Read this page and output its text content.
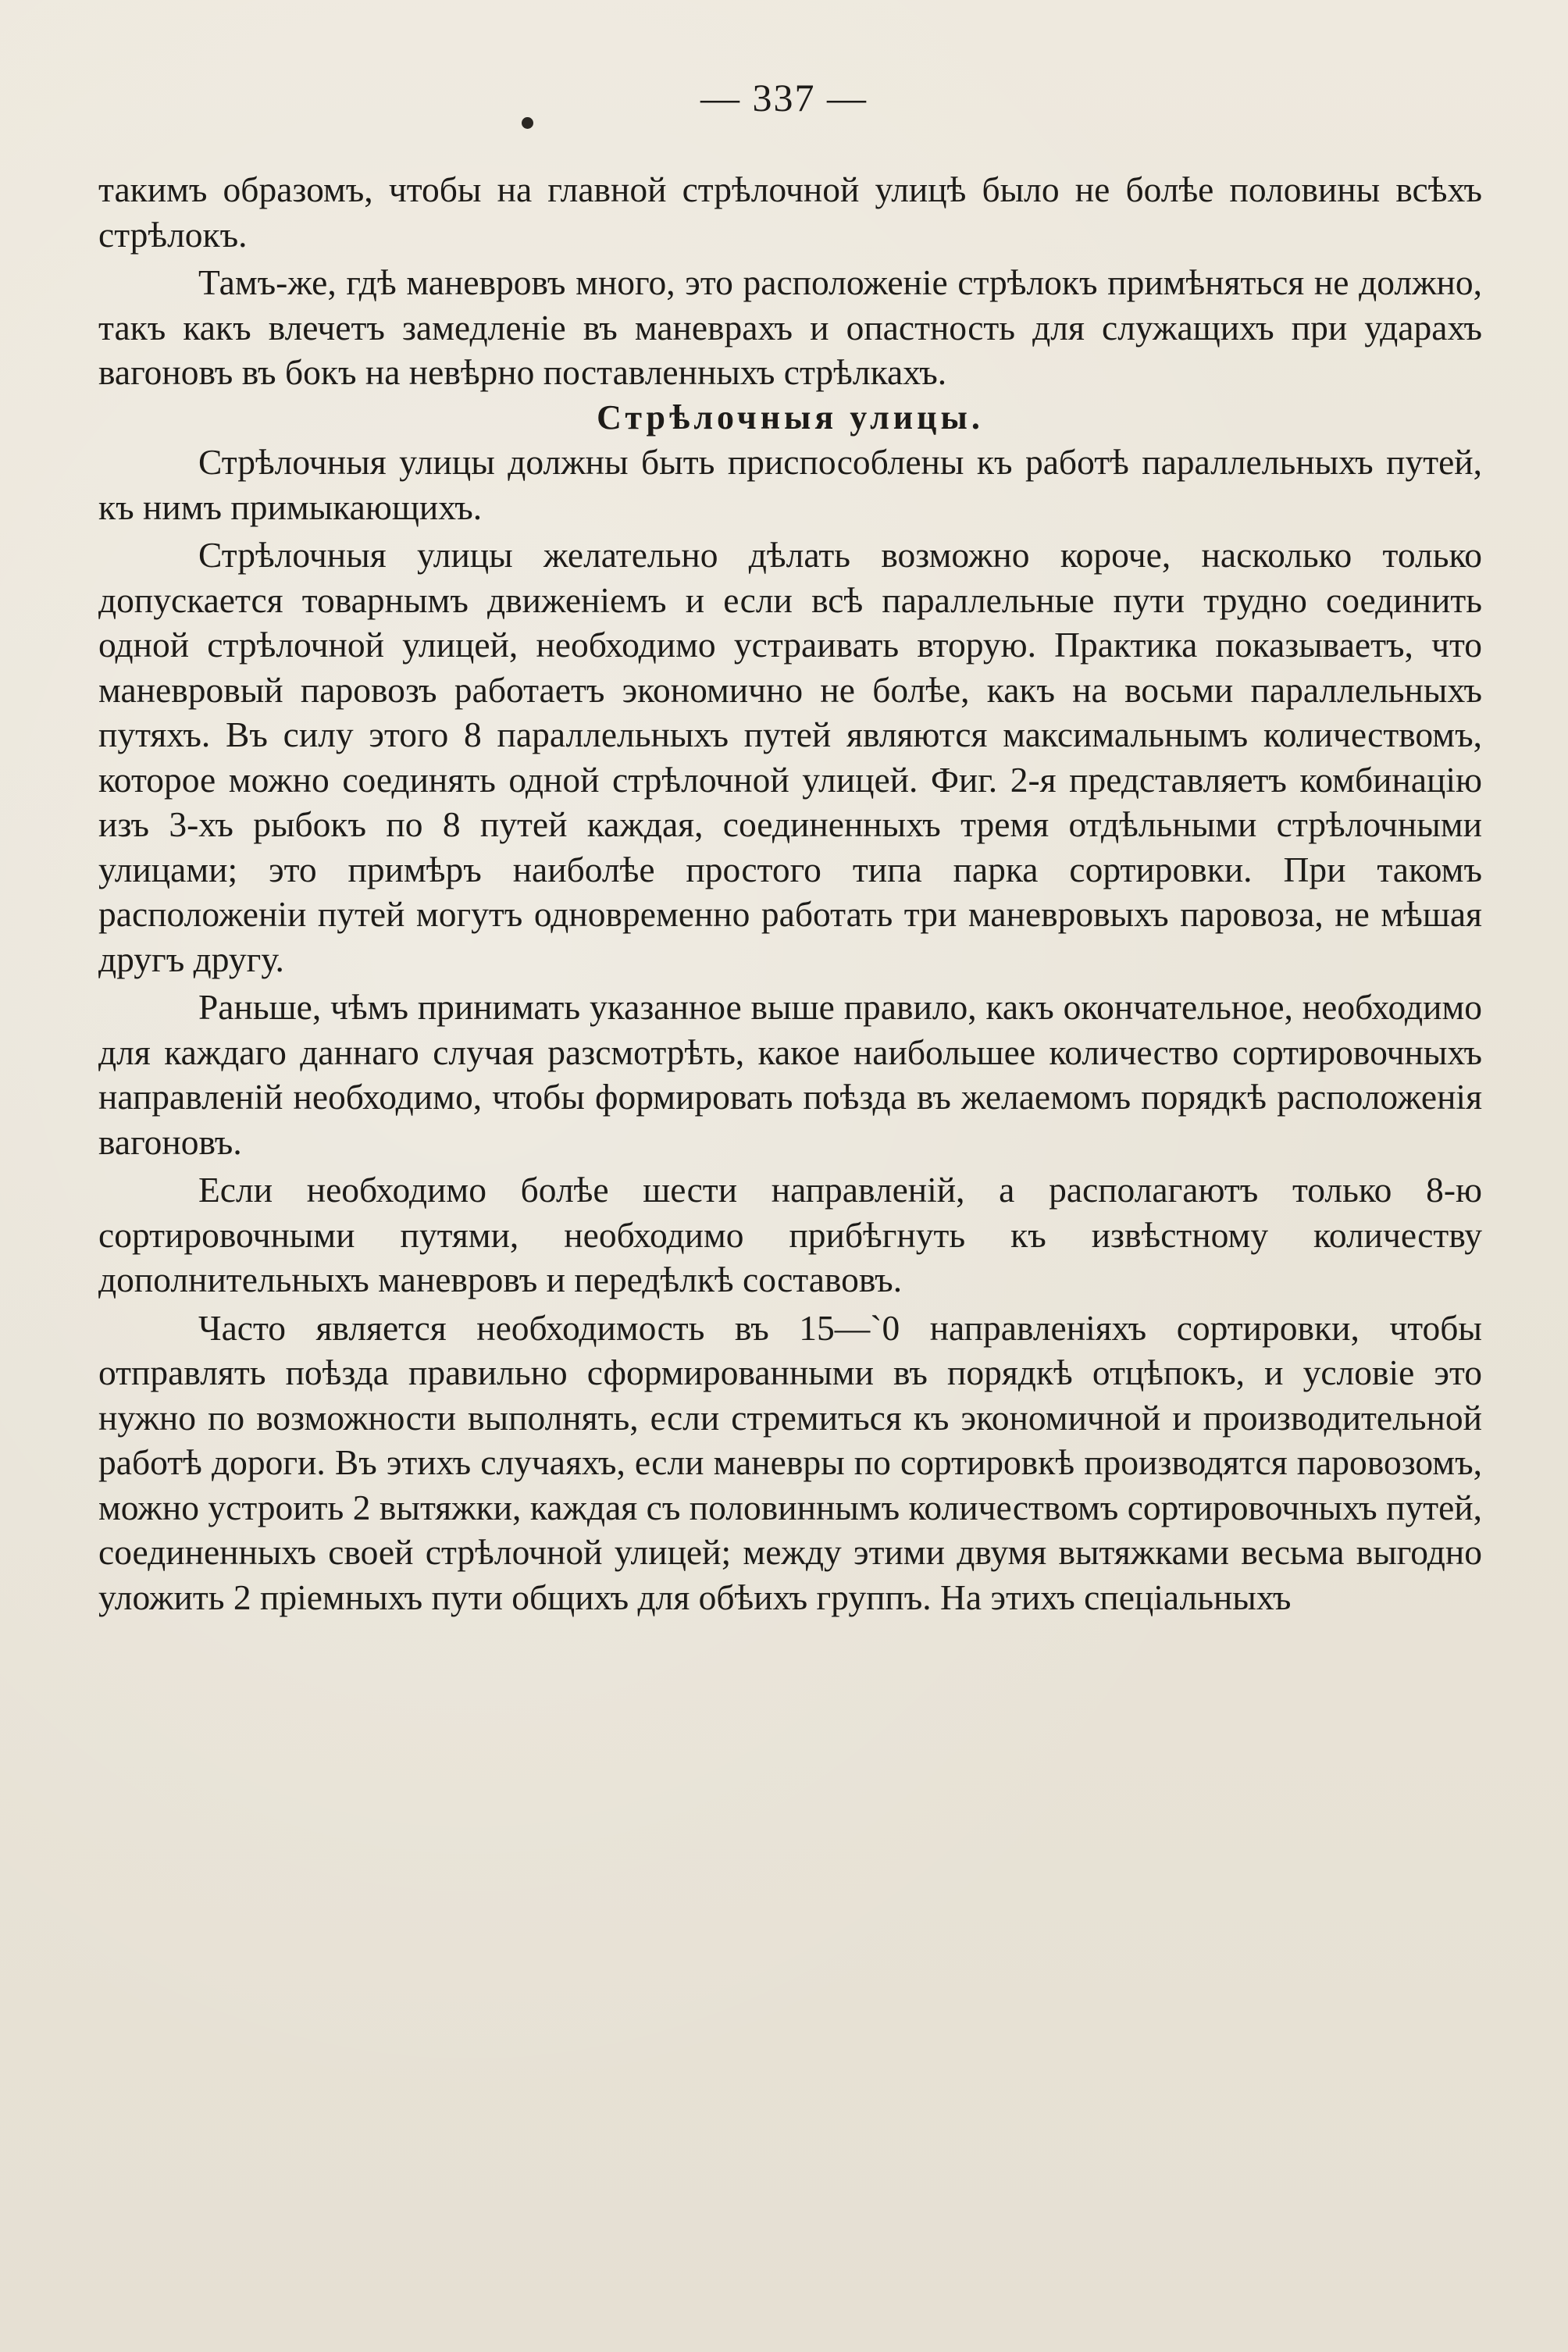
— 337 —

такимъ образомъ, чтобы на главной стрѣлочной улицѣ было не болѣе половины всѣхъ стрѣлокъ.

Тамъ-же, гдѣ маневровъ много, это расположеніе стрѣлокъ примѣняться не должно, такъ какъ влечетъ замедленіе въ маневрахъ и опастность для служащихъ при ударахъ вагоновъ въ бокъ на невѣрно поставленныхъ стрѣлкахъ.

Стрѣлочныя улицы.

Стрѣлочныя улицы должны быть приспособлены къ работѣ параллельныхъ путей, къ нимъ примыкающихъ.

Стрѣлочныя улицы желательно дѣлать возможно короче, насколько только допускается товарнымъ движеніемъ и если всѣ параллельные пути трудно соединить одной стрѣлочной улицей, необходимо устраивать вторую. Практика показываетъ, что маневровый паровозъ работаетъ экономично не болѣе, какъ на восьми параллельныхъ путяхъ. Въ силу этого 8 параллельныхъ путей являются максимальнымъ количествомъ, которое можно соединять одной стрѣлочной улицей. Фиг. 2-я представляетъ комбинацію изъ 3-хъ рыбокъ по 8 путей каждая, соединенныхъ тремя отдѣльными стрѣлочными улицами; это примѣръ наиболѣе простого типа парка сортировки. При такомъ расположеніи путей могутъ одновременно работать три маневровыхъ паровоза, не мѣшая другъ другу.

Раньше, чѣмъ принимать указанное выше правило, какъ окончательное, необходимо для каждаго даннаго случая разсмотрѣть, какое наибольшее количество сортировочныхъ направленій необходимо, чтобы формировать поѣзда въ желаемомъ порядкѣ расположенія вагоновъ.

Если необходимо болѣе шести направленій, а располагаютъ только 8-ю сортировочными путями, необходимо прибѣгнуть къ извѣстному количеству дополнительныхъ маневровъ и передѣлкѣ составовъ.

Часто является необходимость въ 15—`0 направленіяхъ сортировки, чтобы отправлять поѣзда правильно сформированными въ порядкѣ отцѣпокъ, и условіе это нужно по возможности выполнять, если стремиться къ экономичной и производительной работѣ дороги. Въ этихъ случаяхъ, если маневры по сортировкѣ производятся паровозомъ, можно устроить 2 вытяжки, каждая съ половиннымъ количествомъ сортировочныхъ путей, соединенныхъ своей стрѣлочной улицей; между этими двумя вытяжками весьма выгодно уложить 2 пріемныхъ пути общихъ для обѣихъ группъ. На этихъ спеціальныхъ
